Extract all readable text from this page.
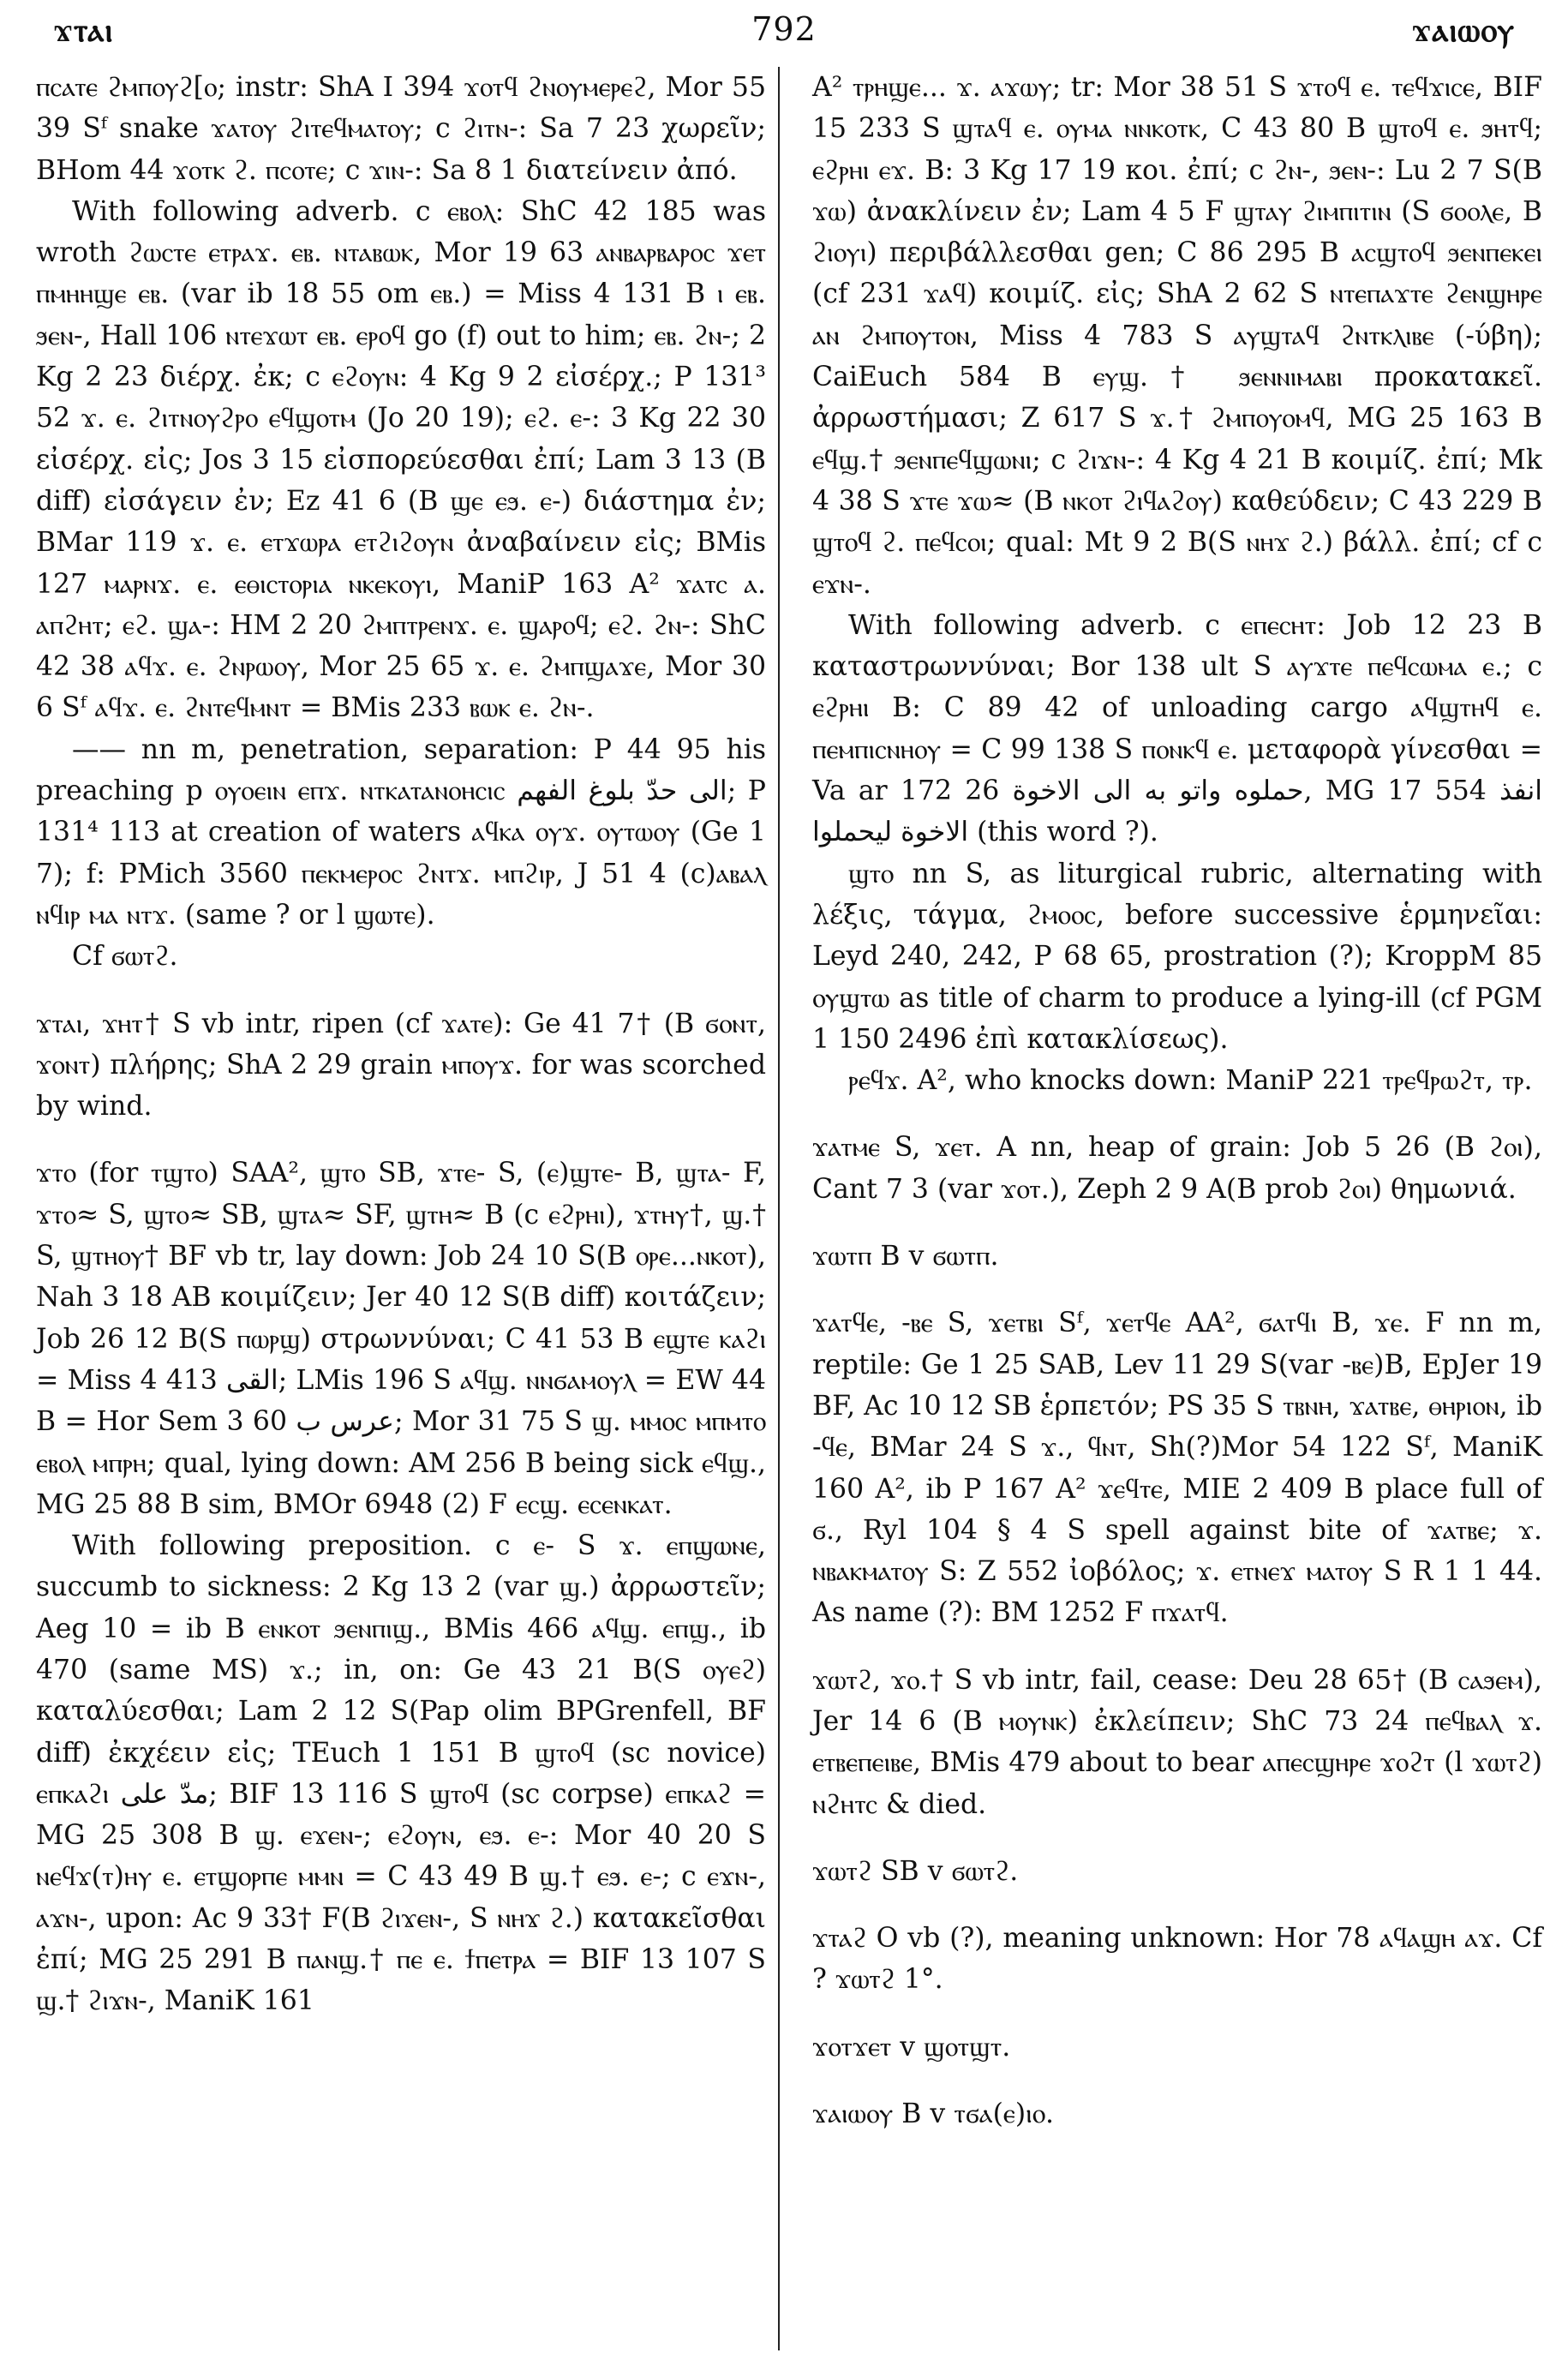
ϫⲧⲁⲓ	792	ϫⲁⲓⲱⲟⲩ

ⲡⲥⲁⲧⲉ ϩⲙⲡⲟⲩϩ[ⲟ; instr: ShA I 394 ϫⲟⲧϥ ϩⲛⲟⲩⲙⲉⲣⲉϩ, Mor 55 39 Sᶠ snake ϫⲁⲧⲟⲩ ϩⲓⲧⲉϥⲙⲁⲧⲟⲩ; c ϩⲓⲧⲛ-: Sa 7 23 χωρεῖν; BHom 44 ϫⲟⲧⲕ ϩ. ⲡⲥⲟⲧⲉ; c ϫⲓⲛ-: Sa 8 1 διατείνειν ἀπό.

With following adverb. c ⲉⲃⲟⲗ: ShC 42 185 was wroth ϩⲱⲥⲧⲉ ⲉⲧⲣⲁϫ. ⲉⲃ. ⲛⲧⲁⲃⲱⲕ, Mor 19 63 ⲁⲛⲃⲁⲣⲃⲁⲣⲟⲥ ϫⲉⲧ ⲡⲙⲏⲏϣⲉ ⲉⲃ. (var ib 18 55 om ⲉⲃ.) = Miss 4 131 B ⲓ ⲉⲃ. ϧⲉⲛ-, Hall 106 ⲛⲧⲉϫⲱⲧ ⲉⲃ. ⲉⲣⲟϥ go (f) out to him; ⲉⲃ. ϩⲛ-; 2 Kg 2 23 διέρχ. ἐκ; c ⲉϩⲟⲩⲛ: 4 Kg 9 2 εἰσέρχ.; P 131³ 52 ϫ. ⲉ. ϩⲓⲧⲛⲟⲩϩⲣⲟ ⲉϥϣⲟⲧⲙ (Jo 20 19); ⲉϩ. ⲉ-: 3 Kg 22 30 εἰσέρχ. εἰς; Jos 3 15 εἰσπορεύεσθαι ἐπί; Lam 3 13 (B diff) εἰσάγειν ἐν; Ez 41 6 (B ϣⲉ ⲉϧ. ⲉ-) διάστημα ἐν; BMar 119 ϫ. ⲉ. ⲉⲧϫⲱⲣⲁ ⲉⲧϩⲓϩⲟⲩⲛ ἀναβαίνειν εἰς; BMis 127 ⲙⲁⲣⲛϫ. ⲉ. ⲉⲑⲓⲥⲧⲟⲣⲓⲁ ⲛⲕⲉⲕⲟⲩⲓ, ManiP 163 A² ϫⲁⲧⲥ ⲁ. ⲁⲡϩⲏⲧ; ⲉϩ. ϣⲁ-: HM 2 20 ϩⲙⲡⲧⲣⲉⲛϫ. ⲉ. ϣⲁⲣⲟϥ; ⲉϩ. ϩⲛ-: ShC 42 38 ⲁϥϫ. ⲉ. ϩⲛⲣⲱⲟⲩ, Mor 25 65 ϫ. ⲉ. ϩⲙⲡϣⲁϫⲉ, Mor 30 6 Sᶠ ⲁϥϫ. ⲉ. ϩⲛⲧⲉϥⲙⲛⲧ = BMis 233 ⲃⲱⲕ ⲉ. ϩⲛ-.

—— nn m, penetration, separation: P 44 95 his preaching p ⲟⲩⲟⲉⲓⲛ ⲉⲡϫ. ⲛⲧⲕⲁⲧⲁⲛⲟⲏⲥⲓⲥ الى حدّ بلوغ الفهم; P 131⁴ 113 at creation of waters ⲁϥⲕⲁ ⲟⲩϫ. ⲟⲩⲧⲱⲟⲩ (Ge 1 7); f: PMich 3560 ⲡⲉⲕⲙⲉⲣⲟⲥ ϩⲛⲧϫ. ⲙⲡϩⲓⲣ, J 51 4 (c)ⲁⲃⲁⲗ ⲛϥⲓⲣ ⲙⲁ ⲛⲧϫ. (same ? or l ϣⲱⲧⲉ).

Cf ϭⲱⲧϩ.

ϫⲧⲁⲓ, ϫⲏⲧ† S vb intr, ripen (cf ϫⲁⲧⲉ): Ge 41 7† (B ϭⲟⲛⲧ, ϫⲟⲛⲧ) πλήρης; ShA 2 29 grain ⲙⲡⲟⲩϫ. for was scorched by wind.

ϫⲧⲟ (for ⲧϣⲧⲟ) SAA², ϣⲧⲟ SB, ϫⲧⲉ- S, (ⲉ)ϣⲧⲉ- B, ϣⲧⲁ- F, ϫⲧⲟ≈ S, ϣⲧⲟ≈ SB, ϣⲧⲁ≈ SF, ϣⲧⲏ≈ B (c ⲉϩⲣⲏⲓ), ϫⲧⲏⲩ†, ϣ.† S, ϣⲧⲏⲟⲩ† BF vb tr, lay down: Job 24 10 S(B ⲟⲣⲉ...ⲛⲕⲟⲧ), Nah 3 18 AB κοιμίζειν; Jer 40 12 S(B diff) κοιτάζειν; Job 26 12 B(S ⲡⲱⲣϣ) στρωννύναι; C 41 53 B ⲉϣⲧⲉ ⲕⲁϩⲓ = Miss 4 413 القى; LMis 196 S ⲁϥϣ. ⲛⲛϭⲁⲙⲟⲩⲗ = EW 44 B = Hor Sem 3 60 عرس ب; Mor 31 75 S ϣ. ⲙⲙⲟⲥ ⲙⲡⲙⲧⲟ ⲉⲃⲟⲗ ⲙⲡⲣⲏ; qual, lying down: AM 256 B being sick ⲉϥϣ., MG 25 88 B sim, BMOr 6948 (2) F ⲉⲥϣ. ⲉⲥⲉⲛⲕⲁⲧ.

With following preposition. c ⲉ- S ϫ. ⲉⲡϣⲱⲛⲉ, succumb to sickness: 2 Kg 13 2 (var ϣ.) ἀρρωστεῖν; Aeg 10 = ib B ⲉⲛⲕⲟⲧ ϧⲉⲛⲡⲓϣ., BMis 466 ⲁϥϣ. ⲉⲡϣ., ib 470 (same MS) ϫ.; in, on: Ge 43 21 B(S ⲟⲩⲉϩ) καταλύεσθαι; Lam 2 12 S(Pap olim BPGrenfell, BF diff) ἐκχέειν εἰς; TEuch 1 151 B ϣⲧⲟϥ (sc novice) ⲉⲡⲕⲁϩⲓ مدّ على; BIF 13 116 S ϣⲧⲟϥ (sc corpse) ⲉⲡⲕⲁϩ = MG 25 308 B ϣ. ⲉϫⲉⲛ-; ⲉϩⲟⲩⲛ, ⲉϧ. ⲉ-: Mor 40 20 S ⲛⲉϥϫ(ⲧ)ⲏⲩ ⲉ. ⲉⲧϣⲟⲣⲡⲉ ⲙⲙⲛ = C 43 49 B ϣ.† ⲉϧ. ⲉ-; c ⲉϫⲛ-, ⲁϫⲛ-, upon: Ac 9 33† F(B ϩⲓϫⲉⲛ-, S ⲛⲏϫ ϩ.) κατακεῖσθαι ἐπί; MG 25 291 B ⲡⲁⲛϣ.† ⲡⲉ ⲉ. ϯⲡⲉⲧⲣⲁ = BIF 13 107 S ϣ.† ϩⲓϫⲛ-, ManiK 161

A² ⲧⲣⲏϣⲉ... ϫ. ⲁϫⲱⲩ; tr: Mor 38 51 S ϫⲧⲟϥ ⲉ. ⲧⲉϥϫⲓⲥⲉ, BIF 15 233 S ϣⲧⲁϥ ⲉ. ⲟⲩⲙⲁ ⲛⲛⲕⲟⲧⲕ, C 43 80 B ϣⲧⲟϥ ⲉ. ϧⲏⲧϥ; ⲉϩⲣⲏⲓ ⲉϫ. B: 3 Kg 17 19 κοι. ἐπί; c ϩⲛ-, ϧⲉⲛ-: Lu 2 7 S(B ϫⲱ) ἀνακλίνειν ἐν; Lam 4 5 F ϣⲧⲁⲩ ϩⲓⲙⲡⲓⲧⲓⲛ (S ϭⲟⲟⲗⲉ, B ϩⲓⲟⲩⲓ) περιβάλλεσθαι gen; C 86 295 B ⲁⲥϣⲧⲟϥ ϧⲉⲛⲡⲉⲕⲉⲓ (cf 231 ϫⲁϥ) κοιμίζ. εἰς; ShA 2 62 S ⲛⲧⲉⲡⲁϫⲧⲉ ϩⲉⲛϣⲏⲣⲉ ⲁⲛ ϩⲙⲡⲟⲩⲧⲟⲛ, Miss 4 783 S ⲁⲩϣⲧⲁϥ ϩⲛⲧⲕⲗⲓⲃⲉ (-ύβη); CaiEuch 584 B ⲉⲩϣ.† ϧⲉⲛⲛⲓⲙⲁⲃⲓ προκατακεῖ. ἀρρωστήμασι; Z 617 S ϫ.† ϩⲙⲡⲟⲩⲟⲙϥ, MG 25 163 B ⲉϥϣ.† ϧⲉⲛⲡⲉϥϣⲱⲛⲓ; c ϩⲓϫⲛ-: 4 Kg 4 21 B κοιμίζ. ἐπί; Mk 4 38 S ϫⲧⲉ ϫⲱ≈ (B ⲛⲕⲟⲧ ϩⲓϥⲁϩⲟⲩ) καθεύδειν; C 43 229 B ϣⲧⲟϥ ϩ. ⲡⲉϥⲥⲟⲓ; qual: Mt 9 2 B(S ⲛⲏϫ ϩ.) βάλλ. ἐπί; cf c ⲉϫⲛ-.

With following adverb. c ⲉⲡⲉⲥⲏⲧ: Job 12 23 B καταστρωννύναι; Bor 138 ult S ⲁⲩϫⲧⲉ ⲡⲉϥⲥⲱⲙⲁ ⲉ.; c ⲉϩⲣⲏⲓ B: C 89 42 of unloading cargo ⲁϥϣⲧⲏϥ ⲉ. ⲡⲉⲙⲡⲓⲥⲛⲏⲟⲩ = C 99 138 S ⲡⲟⲛⲕϥ ⲉ. μεταφορὰ γίνεσθαι = Va ar 172 26 حملوه واتو به الى الاخوة, MG 17 554 انفذ الاخوة ليحملوا (this word ?).

ϣⲧⲟ nn S, as liturgical rubric, alternating with λέξις, τάγμα, ϩⲙⲟⲟⲥ, before successive ἑρμηνεῖαι: Leyd 240, 242, P 68 65, prostration (?); KroppM 85 ⲟⲩϣⲧⲱ as title of charm to produce a lying-ill (cf PGM 1 150 2496 ἐπὶ κατακλίσεως).

ⲣⲉϥϫ. A², who knocks down: ManiP 221 ⲧⲣⲉϥⲣⲱϩⲧ, ⲧⲣ.

ϫⲁⲧⲙⲉ S, ϫⲉⲧ. A nn, heap of grain: Job 5 26 (B ϩⲟⲓ), Cant 7 3 (var ϫⲟⲧ.), Zeph 2 9 A(B prob ϩⲟⲓ) θημωνιά.

ϫⲱⲧⲡ B v ϭⲱⲧⲡ.

ϫⲁⲧϥⲉ, -ⲃⲉ S, ϫⲉⲧⲃⲓ Sᶠ, ϫⲉⲧϥⲉ AA², ϭⲁⲧϥⲓ B, ϫⲉ. F nn m, reptile: Ge 1 25 SAB, Lev 11 29 S(var -ⲃⲉ)B, EpJer 19 BF, Ac 10 12 SB ἑρπετόν; PS 35 S ⲧⲃⲛⲏ, ϫⲁⲧⲃⲉ, ⲑⲏⲣⲓⲟⲛ, ib -ϥⲉ, BMar 24 S ϫ., ϥⲛⲧ, Sh(?)Mor 54 122 Sᶠ, ManiK 160 A², ib P 167 A² ϫⲉϥⲧⲉ, MIE 2 409 B place full of ϭ., Ryl 104 § 4 S spell against bite of ϫⲁⲧⲃⲉ; ϫ. ⲛⲃⲁⲕⲙⲁⲧⲟⲩ S: Z 552 ἰοβόλος; ϫ. ⲉⲧⲛⲉϫ ⲙⲁⲧⲟⲩ S R 1 1 44. As name (?): BM 1252 F ⲡϫⲁⲧϥ.

ϫⲱⲧϩ, ϫⲟ.† S vb intr, fail, cease: Deu 28 65† (B ⲥⲁϧⲉⲙ), Jer 14 6 (B ⲙⲟⲩⲛⲕ) ἐκλείπειν; ShC 73 24 ⲡⲉϥⲃⲁⲗ ϫ. ⲉⲧⲃⲉⲡⲉⲓⲃⲉ, BMis 479 about to bear ⲁⲡⲉⲥϣⲏⲣⲉ ϫⲟϩⲧ (l ϫⲱⲧϩ) ⲛϩⲏⲧⲥ & died.

ϫⲱⲧϩ SB v ϭⲱⲧϩ.

ϫⲧⲁϩ O vb (?), meaning unknown: Hor 78 ⲁϥⲁϣⲏ ⲁϫ. Cf ? ϫⲱⲧϩ 1°.

ϫⲟⲧϫⲉⲧ v ϣⲟⲧϣⲧ.

ϫⲁⲓⲱⲟⲩ B v ⲧϭⲁ(ⲉ)ⲓⲟ.
